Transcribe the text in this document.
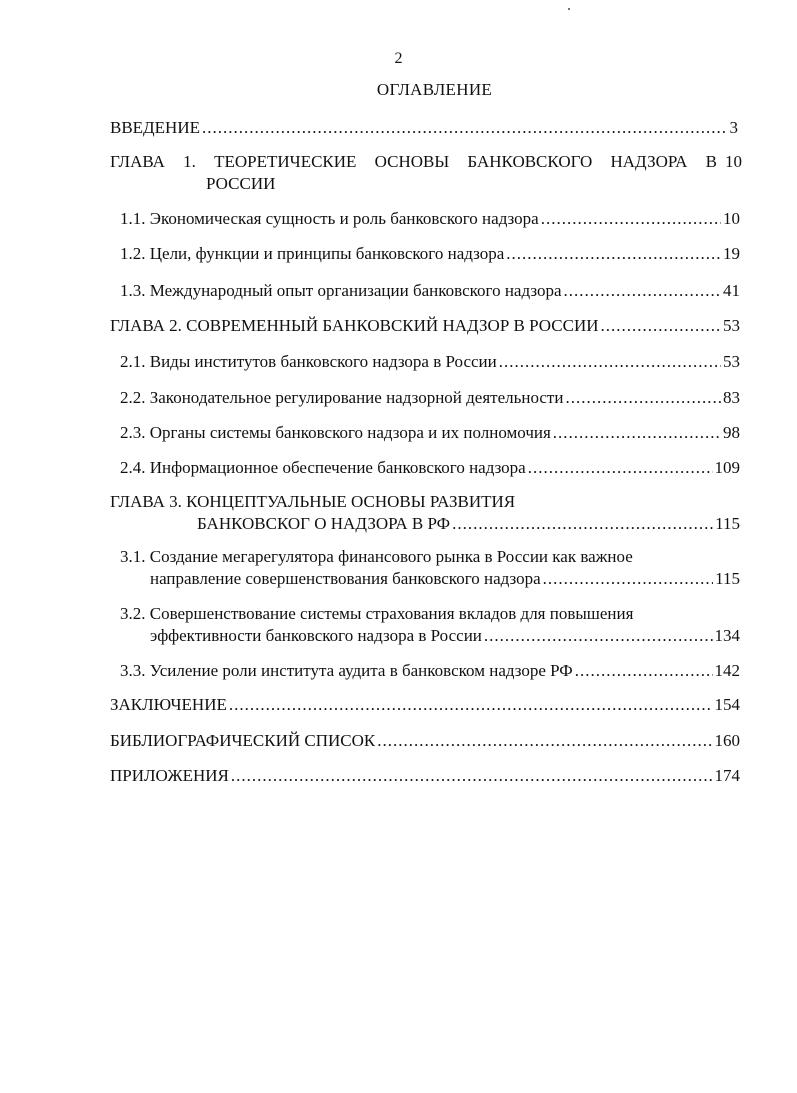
2
ОГЛАВЛЕНИЕ
ВВЕДЕНИЕ .....	3
ГЛАВА 1. ТЕОРЕТИЧЕСКИЕ ОСНОВЫ БАНКОВСКОГО НАДЗОРА В 10
РОССИИ
1.1. Экономическая сущность и роль банковского надзора .....	10
1.2. Цели, функции и принципы банковского надзора .....	19
1.3. Международный опыт организации банковского надзора .....	41
ГЛАВА 2. СОВРЕМЕННЫЙ БАНКОВСКИЙ НАДЗОР В РОССИИ .....	53
2.1. Виды институтов банковского надзора в России .....	53
2.2. Законодательное регулирование надзорной деятельности .....	83
2.3. Органы системы банковского надзора и их полномочия .....	98
2.4. Информационное обеспечение банковского надзора .....	109
ГЛАВА 3. КОНЦЕПТУАЛЬНЫЕ ОСНОВЫ РАЗВИТИЯ
БАНКОВСКОГ О НАДЗОРА В РФ .....	115
3.1. Создание мегарегулятора финансового рынка в России как важное
направление совершенствования банковского надзора .....	115
3.2. Совершенствование системы страхования вкладов для повышения
эффективности банковского надзора в России .....	134
3.3. Усиление роли института аудита в банковском надзоре РФ .....	142
ЗАКЛЮЧЕНИЕ .....	154
БИБЛИОГРАФИЧЕСКИЙ СПИСОК .....	160
ПРИЛОЖЕНИЯ .....	174
